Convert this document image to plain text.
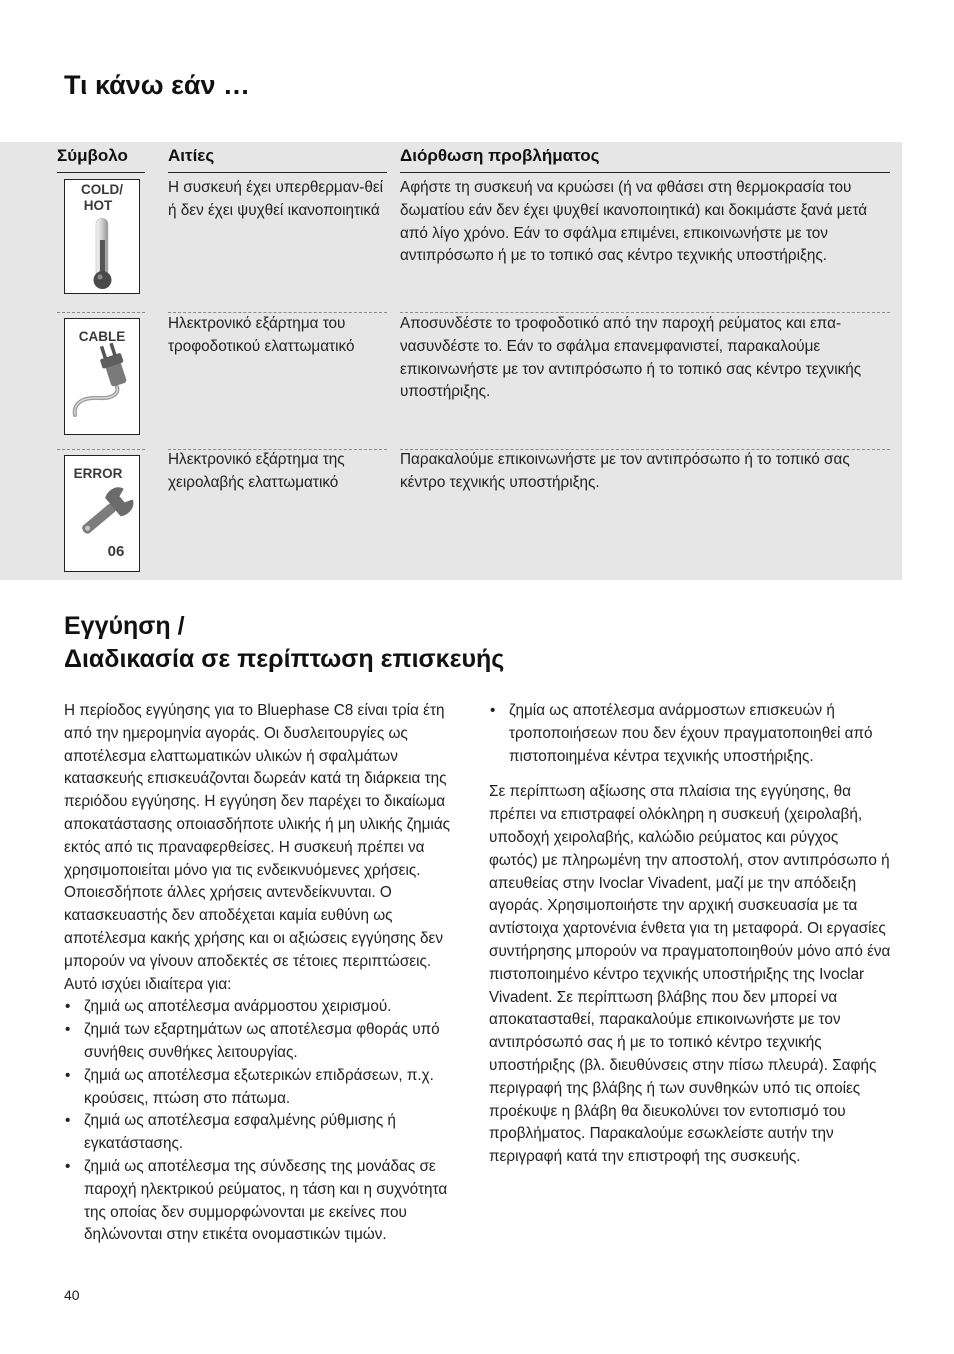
Τι κάνω εάν …
Σύμβολο Αιτίες	Διόρθωση προβλήματος
COLD/
HOT
Η συσκευή έχει υπερθερμαν-θεί ή δεν έχει ψυχθεί ικανοποιητικά
Αφήστε τη συσκευή να κρυώσει (ή να φθάσει στη θερμοκρασία του δωματίου εάν δεν έχει ψυχθεί ικανοποιητικά) και δοκιμάστε ξανά μετά από λίγο χρόνο. Εάν το σφάλμα επιμένει, επικοινωνήστε με τον αντιπρόσωπο ή με το τοπικό σας κέντρο τεχνικής υποστήριξης.
CABLE
Ηλεκτρονικό εξάρτημα του τροφοδοτικού ελαττωματικό
Αποσυνδέστε το τροφοδοτικό από την παροχή ρεύματος και επα-νασυνδέστε το. Εάν το σφάλμα επανεμφανιστεί, παρακαλούμε επικοινωνήστε με τον αντιπρόσωπο ή το τοπικό σας κέντρο τεχνικής υποστήριξης.
ERROR
06
Ηλεκτρονικό εξάρτημα της χειρολαβής ελαττωματικό
Παρακαλούμε επικοινωνήστε με τον αντιπρόσωπο ή το τοπικό σας κέντρο τεχνικής υποστήριξης.
Εγγύηση /
Διαδικασία σε περίπτωση επισκευής

Η περίοδος εγγύησης για το Bluephase C8 είναι τρία έτη από την ημερομηνία αγοράς. Οι δυσλειτουργίες ως αποτέλεσμα ελαττωματικών υλικών ή σφαλμάτων κατασκευής επισκευάζονται δωρεάν κατά τη διάρκεια της περιόδου εγγύησης. Η εγγύηση δεν παρέχει το δικαίωμα αποκατάστασης οποιασδήποτε υλικής ή μη υλικής ζημιάς εκτός από τις πραναφερθείσες. Η συσκευή πρέπει να χρησιμοποιείται μόνο για τις ενδεικνυόμενες χρήσεις. Οποιεσδήποτε άλλες χρήσεις αντενδείκνυνται. Ο κατασκευαστής δεν αποδέχεται καμία ευθύνη ως αποτέλεσμα κακής χρήσης και οι αξιώσεις εγγύησης δεν μπορούν να γίνουν αποδεκτές σε τέτοιες περιπτώσεις. Αυτό ισχύει ιδιαίτερα για:

• ζημιά ως αποτέλεσμα ανάρμοστου χειρισμού.
• ζημιά των εξαρτημάτων ως αποτέλεσμα φθοράς υπό συνήθεις συνθήκες λειτουργίας.
• ζημιά ως αποτέλεσμα εξωτερικών επιδράσεων, π.χ. κρούσεις, πτώση στο πάτωμα.
• ζημιά ως αποτέλεσμα εσφαλμένης ρύθμισης ή εγκατάστασης.
• ζημιά ως αποτέλεσμα της σύνδεσης της μονάδας σε παροχή ηλεκτρικού ρεύματος, η τάση και η συχνότητα της οποίας δεν συμμορφώνονται με εκείνες που δηλώνονται στην ετικέτα ονομαστικών τιμών.
• ζημία ως αποτέλεσμα ανάρμοστων επισκευών ή τροποποιήσεων που δεν έχουν πραγματοποιηθεί από πιστοποιημένα κέντρα τεχνικής υποστήριξης.

Σε περίπτωση αξίωσης στα πλαίσια της εγγύησης, θα πρέπει να επιστραφεί ολόκληρη η συσκευή (χειρολαβή, υποδοχή χειρολαβής, καλώδιο ρεύματος και ρύγχος φωτός) με πληρωμένη την αποστολή, στον αντιπρόσωπο ή απευθείας στην Ivoclar Vivadent, μαζί με την απόδειξη αγοράς. Χρησιμοποιήστε την αρχική συσκευασία με τα αντίστοιχα χαρτονένια ένθετα για τη μεταφορά. Οι εργασίες συντήρησης μπορούν να πραγματοποιηθούν μόνο από ένα πιστοποιημένο κέντρο τεχνικής υποστήριξης της Ivoclar Vivadent. Σε περίπτωση βλάβης που δεν μπορεί να αποκατασταθεί, παρακαλούμε επικοινωνήστε με τον αντιπρόσωπό σας ή με το τοπικό κέντρο τεχνικής υποστήριξης (βλ. διευθύνσεις στην πίσω πλευρά). Σαφής περιγραφή της βλάβης ή των συνθηκών υπό τις οποίες προέκυψε η βλάβη θα διευκολύνει τον εντοπισμό του προβλήματος. Παρακαλούμε εσωκλείστε αυτήν την περιγραφή κατά την επιστροφή της συσκευής.

40
